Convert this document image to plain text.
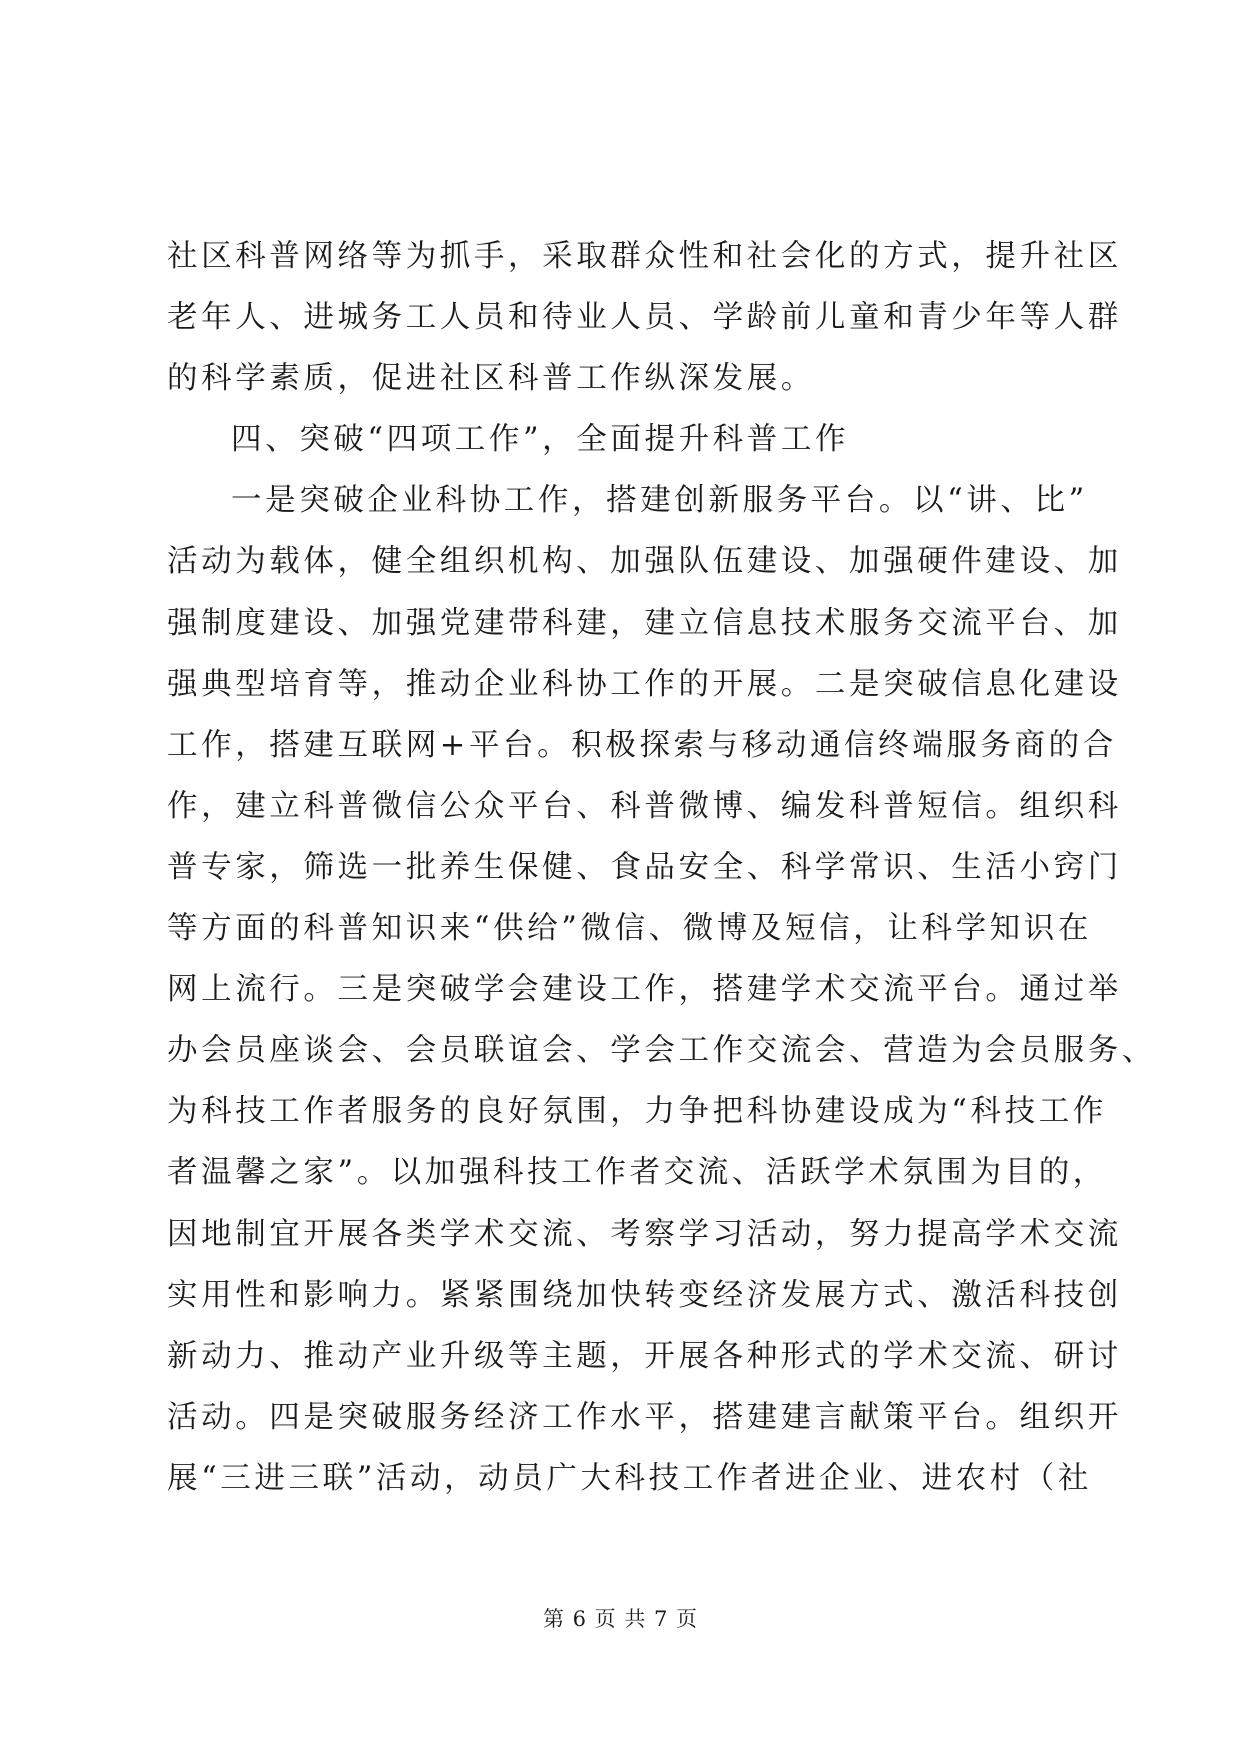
社区科普网络等为抓手，采取群众性和社会化的方式，提升社区
老年人、进城务工人员和待业人员、学龄前儿童和青少年等人群
的科学素质，促进社区科普工作纵深发展。
四、突破“四项工作”，全面提升科普工作
一是突破企业科协工作，搭建创新服务平台。以“讲、比”
活动为载体，健全组织机构、加强队伍建设、加强硬件建设、加
强制度建设、加强党建带科建，建立信息技术服务交流平台、加
强典型培育等，推动企业科协工作的开展。二是突破信息化建设
工作，搭建互联网+平台。积极探索与移动通信终端服务商的合
作，建立科普微信公众平台、科普微博、编发科普短信。组织科
普专家，筛选一批养生保健、食品安全、科学常识、生活小窍门
等方面的科普知识来“供给”微信、微博及短信，让科学知识在
网上流行。三是突破学会建设工作，搭建学术交流平台。通过举
办会员座谈会、会员联谊会、学会工作交流会、营造为会员服务、
为科技工作者服务的良好氛围，力争把科协建设成为“科技工作
者温馨之家”。以加强科技工作者交流、活跃学术氛围为目的，
因地制宜开展各类学术交流、考察学习活动，努力提高学术交流
实用性和影响力。紧紧围绕加快转变经济发展方式、激活科技创
新动力、推动产业升级等主题，开展各种形式的学术交流、研讨
活动。四是突破服务经济工作水平，搭建建言献策平台。组织开
展“三进三联”活动，动员广大科技工作者进企业、进农村（社
第 6 页 共 7 页
